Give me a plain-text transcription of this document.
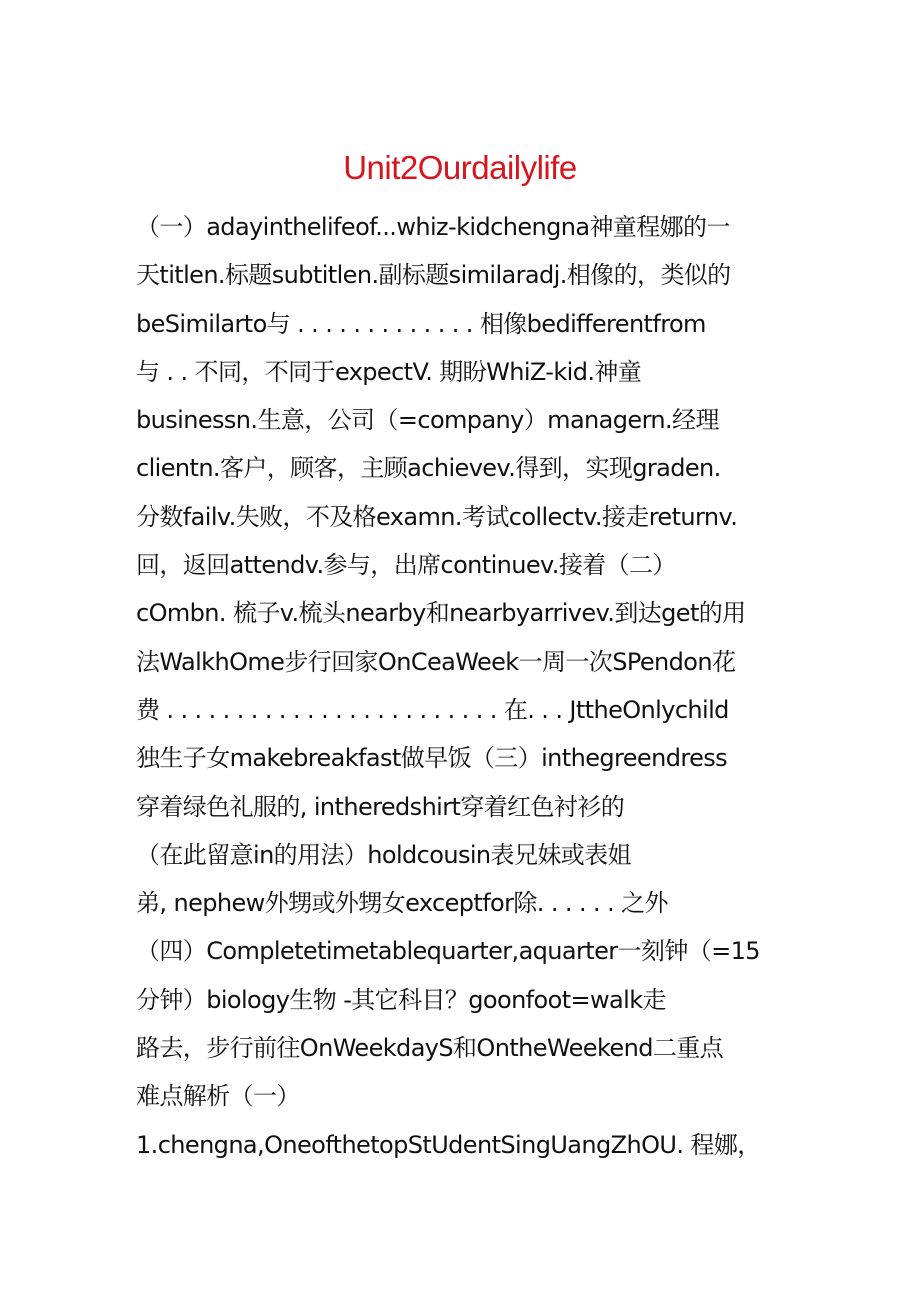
Unit2Ourdailylife
（一）adayinthelifeof...whiz-kidchengna神童程娜的一
天titlen.标题subtitlen.副标题similaradj.相像的，类似的
beSimilarto与 . . . . . . . . . . . . . 相像bedifferentfrom
与 . . 不同，不同于expectV. 期盼WhiZ-kid.神童
businessn.生意，公司（=company）managern.经理
clientn.客户，顾客，主顾achievev.得到，实现graden.
分数failv.失败，不及格examn.考试collectv.接走returnv.
回，返回attendv.参与，出席continuev.接着（二）
cOmbn. 梳子v.梳头nearby和nearbyarrivev.到达get的用
法WalkhOme步行回家OnCeaWeek一周一次SPendon花
费 . . . . . . . . . . . . . . . . . . . . . . . . 在. . . JttheOnlychild
独生子女makebreakfast做早饭（三）inthegreendress
穿着绿色礼服的, intheredshirt穿着红色衬衫的
（在此留意in的用法）holdcousin表兄妹或表姐
弟, nephew外甥或外甥女exceptfor除. . . . . . 之外
（四）Completetimetablequarter,aquarter一刻钟（=15
分钟）biology生物 -其它科目？goonfoot=walk走
路去，步行前往OnWeekdayS和OntheWeekend二重点
难点解析（一）
1.chengna,OneofthetopStUdentSingUangZhOU. 程娜，
